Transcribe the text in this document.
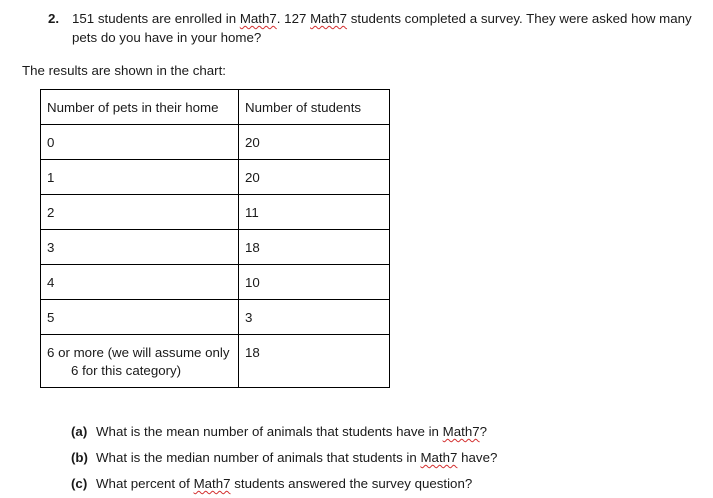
2. 151 students are enrolled in Math7. 127 Math7 students completed a survey. They were asked how many
pets do you have in your home?
The results are shown in the chart:
Number of pets in their home	Number of students
0	20
1	20
2	11
3	18
4	10
5	3
6 or more (we will assume only
6 for this category)	18
(a) What is the mean number of animals that students have in Math7?
(b) What is the median number of animals that students in Math7 have?
(c) What percent of Math7 students answered the survey question?
